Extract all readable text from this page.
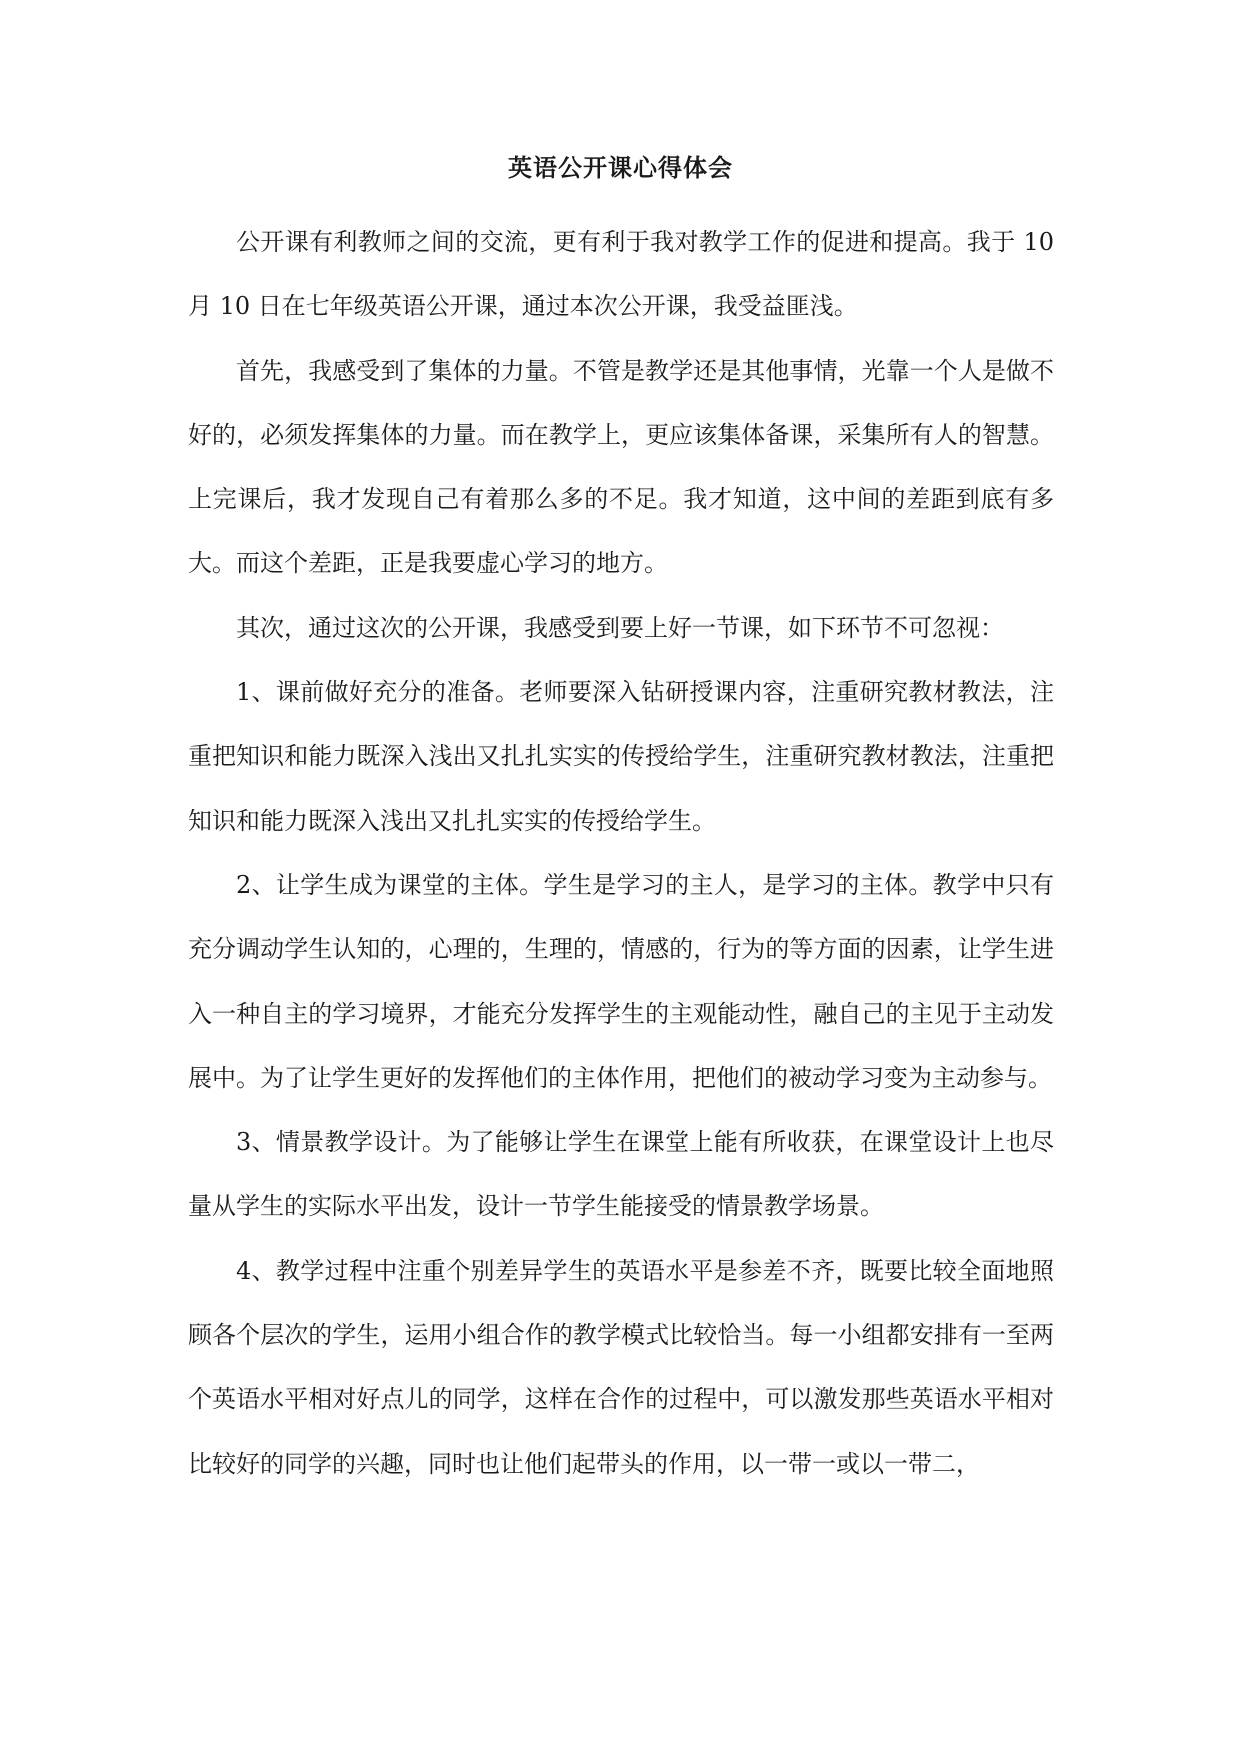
英语公开课心得体会

公开课有利教师之间的交流，更有利于我对教学工作的促进和提高。我于 10 月 10 日在七年级英语公开课，通过本次公开课，我受益匪浅。

首先，我感受到了集体的力量。不管是教学还是其他事情，光靠一个人是做不好的，必须发挥集体的力量。而在教学上，更应该集体备课，采集所有人的智慧。上完课后，我才发现自己有着那么多的不足。我才知道，这中间的差距到底有多大。而这个差距，正是我要虚心学习的地方。

其次，通过这次的公开课，我感受到要上好一节课，如下环节不可忽视：

1、课前做好充分的准备。老师要深入钻研授课内容，注重研究教材教法，注重把知识和能力既深入浅出又扎扎实实的传授给学生，注重研究教材教法，注重把知识和能力既深入浅出又扎扎实实的传授给学生。

2、让学生成为课堂的主体。学生是学习的主人，是学习的主体。教学中只有充分调动学生认知的，心理的，生理的，情感的，行为的等方面的因素，让学生进入一种自主的学习境界，才能充分发挥学生的主观能动性，融自己的主见于主动发展中。为了让学生更好的发挥他们的主体作用，把他们的被动学习变为主动参与。

3、情景教学设计。为了能够让学生在课堂上能有所收获，在课堂设计上也尽量从学生的实际水平出发，设计一节学生能接受的情景教学场景。

4、教学过程中注重个别差异学生的英语水平是参差不齐，既要比较全面地照顾各个层次的学生，运用小组合作的教学模式比较恰当。每一小组都安排有一至两个英语水平相对好点儿的同学，这样在合作的过程中，可以激发那些英语水平相对比较好的同学的兴趣，同时也让他们起带头的作用，以一带一或以一带二，
